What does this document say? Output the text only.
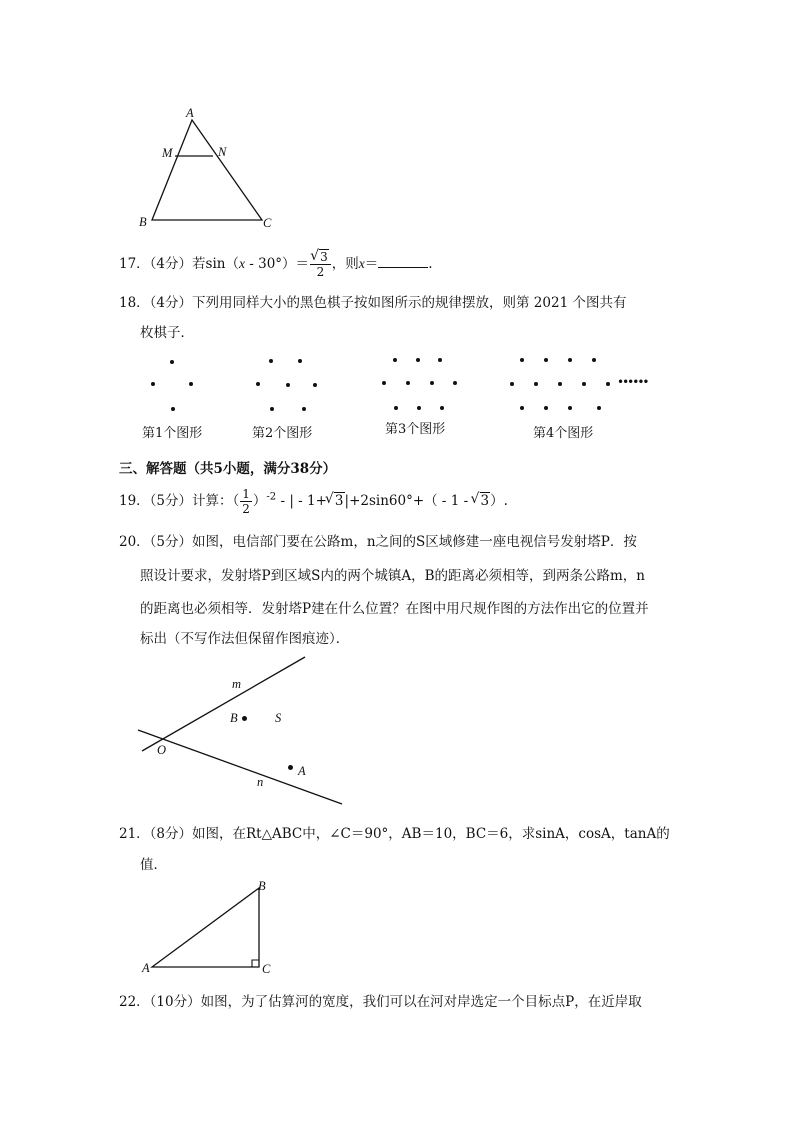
A
M	N
B	C
17．（4分）若sin（x - 30°）＝ √ $\frac{3}{2}$ ，则x＝	.
18．（4分）下列用同样大小的黑色棋子按如图所示的规律摆放，则第 2021 个图共有
枚棋子．
••••••
第1个图形	第2个图形	第3个图形	第4个图形
三、解答题（共5小题，满分38分）
19．（5分）计算：（ $\frac{1}{2} )^{-2}$ - | - 1+ √ 3|+2sin60°+（ - 1 - √ 3）.
20．（5分）如图，电信部门要在公路m，n之间的S区域修建一座电视信号发射塔P．按
照设计要求，发射塔P到区域S内的两个城镇A，B的距离必须相等，到两条公路m，n
的距离也必须相等．发射塔P建在什么位置？在图中用尺规作图的方法作出它的位置并
标出（不写作法但保留作图痕迹）．
m
B	S
O
A
n
21．（8分）如图，在Rt△ABC中，∠C＝90°，AB＝10，BC＝6，求sinA，cosA，tanA的
值．
B
A	C
22．（10分）如图，为了估算河的宽度，我们可以在河对岸选定一个目标点P，在近岸取
